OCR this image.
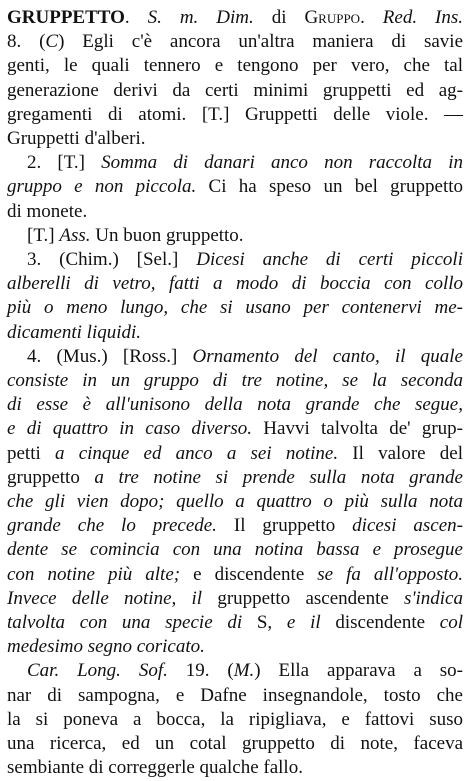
GRUPPETTO. S. m. Dim. di Gruppo. Red. Ins.
8. (C) Egli c'è ancora un'altra maniera di savie
genti, le quali tennero e tengono per vero, che tal
generazione derivi da certi minimi gruppetti ed ag-
gregamenti di atomi. [T.] Gruppetti delle viole. —
Gruppetti d'alberi.
2. [T.] Somma di danari anco non raccolta in
gruppo e non piccola. Ci ha speso un bel gruppetto
di monete.
[T.] Ass. Un buon gruppetto.
3. (Chim.) [Sel.] Dicesi anche di certi piccoli
alberelli di vetro, fatti a modo di boccia con collo
più o meno lungo, che si usano per contenervi me-
dicamenti liquidi.
4. (Mus.) [Ross.] Ornamento del canto, il quale
consiste in un gruppo di tre notine, se la seconda
di esse è all'unisono della nota grande che segue,
e di quattro in caso diverso. Havvi talvolta de' grup-
petti a cinque ed anco a sei notine. Il valore del
gruppetto a tre notine si prende sulla nota grande
che gli vien dopo; quello a quattro o più sulla nota
grande che lo precede. Il gruppetto dicesi ascen-
dente se comincia con una notina bassa e prosegue
con notine più alte; e discendente se fa all'opposto.
Invece delle notine, il gruppetto ascendente s'indica
talvolta con una specie di S, e il discendente col
medesimo segno coricato.
Car. Long. Sof. 19. (M.) Ella apparava a so-
nar di sampogna, e Dafne insegnandole, tosto che
la si poneva a bocca, la ripigliava, e fattovi suso
una ricerca, ed un cotal gruppetto di note, faceva
sembiante di correggerle qualche fallo.
